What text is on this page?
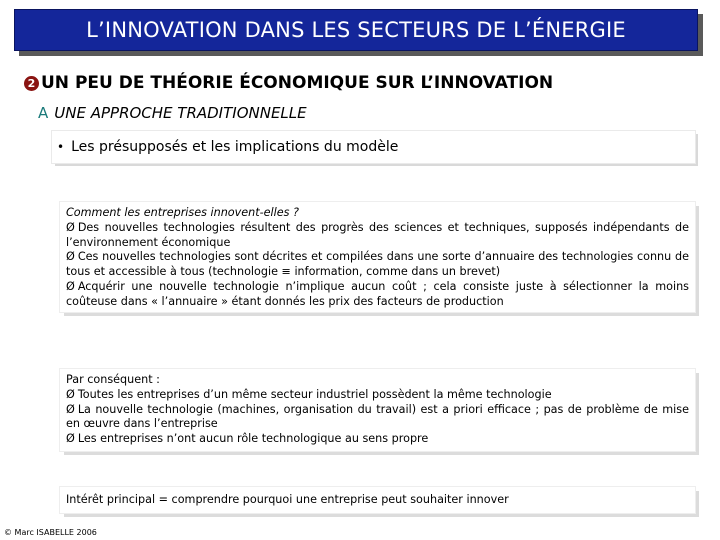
L’INNOVATION DANS LES SECTEURS DE L’ÉNERGIE
2 UN PEU DE THÉORIE ÉCONOMIQUE SUR L’INNOVATION
A UNE APPROCHE TRADITIONNELLE
• Les présupposés et les implications du modèle
Comment les entreprises innovent-elles ?
Ø Des nouvelles technologies résultent des progrès des sciences et techniques, supposés indépendants de l’environnement économique
Ø Ces nouvelles technologies sont décrites et compilées dans une sorte d’annuaire des technologies connu de tous et accessible à tous (technologie ≡ information, comme dans un brevet)
Ø Acquérir une nouvelle technologie n’implique aucun coût ; cela consiste juste à sélectionner la moins coûteuse dans « l’annuaire » étant donnés les prix des facteurs de production
Par conséquent :
Ø Toutes les entreprises d’un même secteur industriel possèdent la même technologie
Ø La nouvelle technologie (machines, organisation du travail) est a priori efficace ; pas de problème de mise en œuvre dans l’entreprise
Ø Les entreprises n’ont aucun rôle technologique au sens propre
Intérêt principal = comprendre pourquoi une entreprise peut souhaiter innover
© Marc ISABELLE 2006
